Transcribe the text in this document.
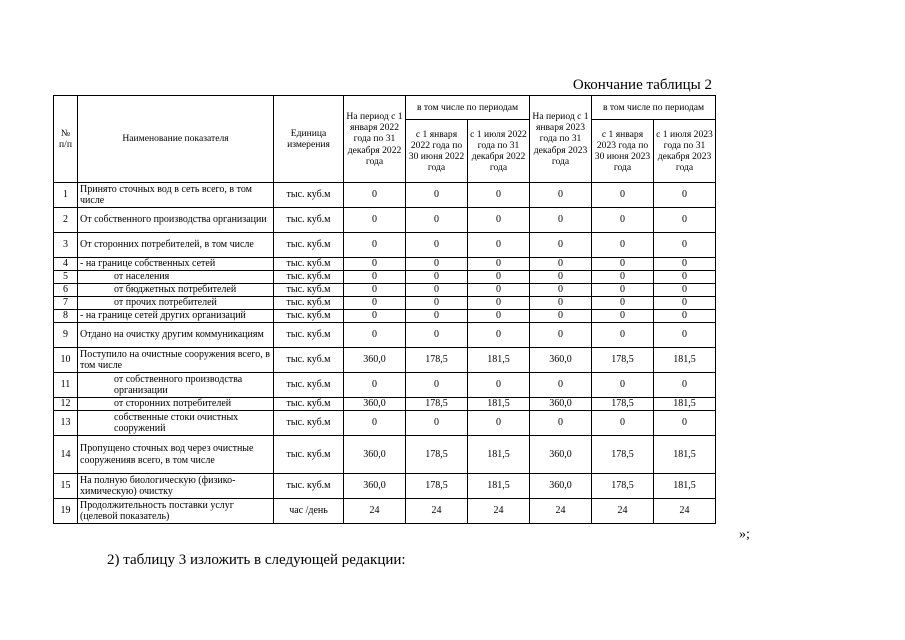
Окончание таблицы 2
№ п/п	Наименование показателя	Единица измерения	На период с 1 января 2022 года по 31 декабря 2022 года	в том числе по периодам		На период с 1 января 2023 года по 31 декабря 2023 года	в том числе по периодам	
				с 1 января 2022 года по 30 июня 2022 года	с 1 июля 2022 года по 31 декабря 2022 года		с 1 января 2023 года по 30 июня 2023 года	с 1 июля 2023 года по 31 декабря 2023 года
1	Принято сточных вод в сеть всего, в том числе	тыс. куб.м	0	0	0	0	0	0
2	От собственного производства организации	тыс. куб.м	0	0	0	0	0	0
3	От сторонних потребителей, в том числе	тыс. куб.м	0	0	0	0	0	0
4	- на границе собственных сетей	тыс. куб.м	0	0	0	0	0	0
5	от населения	тыс. куб.м	0	0	0	0	0	0
6	от бюджетных потребителей	тыс. куб.м	0	0	0	0	0	0
7	от прочих потребителей	тыс. куб.м	0	0	0	0	0	0
8	- на границе сетей других организаций	тыс. куб.м	0	0	0	0	0	0
9	Отдано на очистку другим коммуникациям	тыс. куб.м	0	0	0	0	0	0
10	Поступило на очистные сооружения всего, в том числе	тыс. куб.м	360,0	178,5	181,5	360,0	178,5	181,5
11	от собственного производства организации	тыс. куб.м	0	0	0	0	0	0
12	от сторонних потребителей	тыс. куб.м	360,0	178,5	181,5	360,0	178,5	181,5
13	собственные стоки очистных сооружений	тыс. куб.м	0	0	0	0	0	0
14	Пропущено сточных вод через очистные сооруженияв всего, в том числе	тыс. куб.м	360,0	178,5	181,5	360,0	178,5	181,5
15	На полную биологическую (физико-химическую) очистку	тыс. куб.м	360,0	178,5	181,5	360,0	178,5	181,5
19	Продолжительность поставки услуг (целевой показатель)	час /день	24	24	24	24	24	24
»;
2) таблицу 3 изложить в следующей редакции:
